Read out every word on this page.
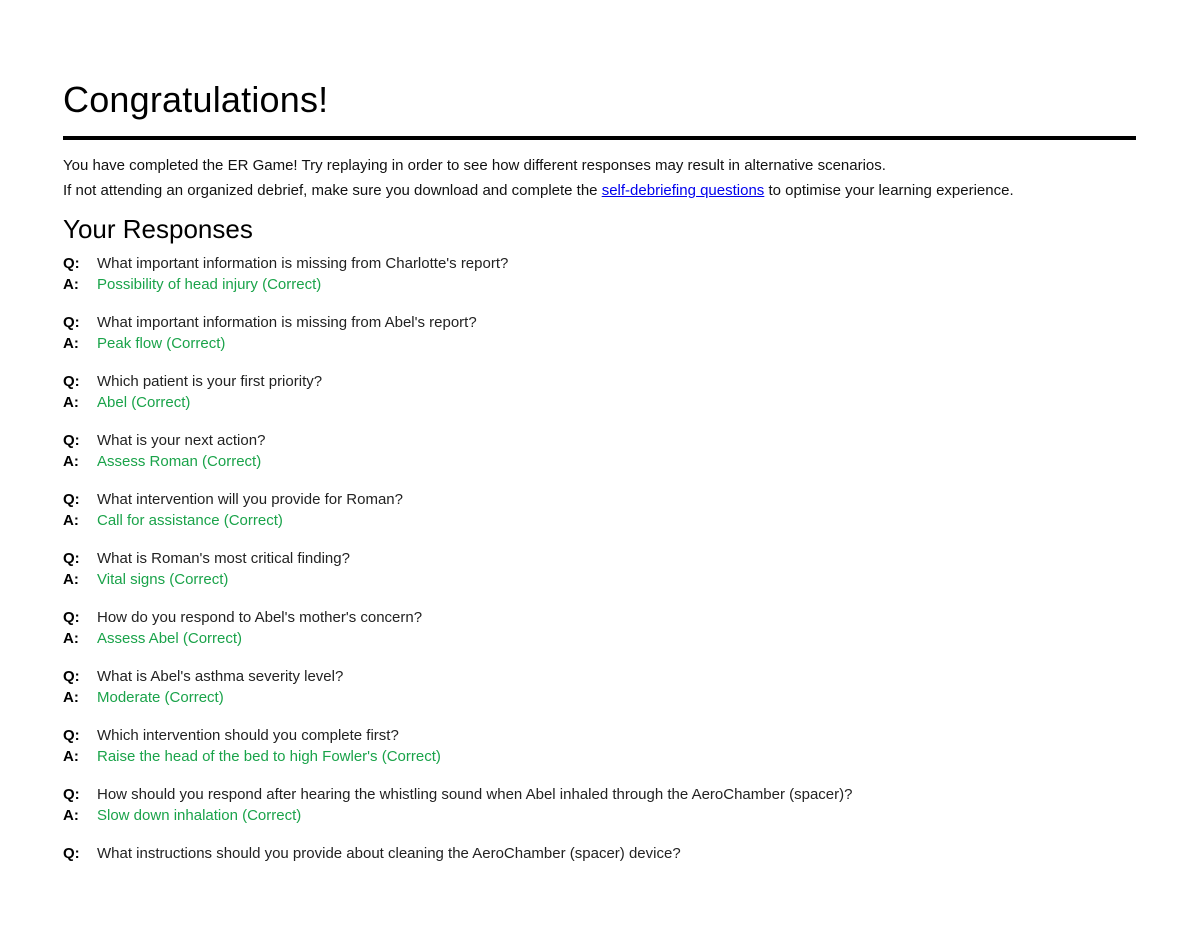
Congratulations!

You have completed the ER Game! Try replaying in order to see how different responses may result in alternative scenarios.

If not attending an organized debrief, make sure you download and complete the self-debriefing questions to optimise your learning experience.

Your Responses
Q:	What important information is missing from Charlotte's report?
A:	Possibility of head injury (Correct)
Q:	What important information is missing from Abel's report?
A:	Peak flow (Correct)
Q:	Which patient is your first priority?
A:	Abel (Correct)
Q:	What is your next action?
A:	Assess Roman (Correct)
Q:	What intervention will you provide for Roman?
A:	Call for assistance (Correct)
Q:	What is Roman's most critical finding?
A:	Vital signs (Correct)
Q:	How do you respond to Abel's mother's concern?
A:	Assess Abel (Correct)
Q:	What is Abel's asthma severity level?
A:	Moderate (Correct)
Q:	Which intervention should you complete first?
A:	Raise the head of the bed to high Fowler's (Correct)
Q:	How should you respond after hearing the whistling sound when Abel inhaled through the AeroChamber (spacer)?
A:	Slow down inhalation (Correct)
Q:	What instructions should you provide about cleaning the AeroChamber (spacer) device?
